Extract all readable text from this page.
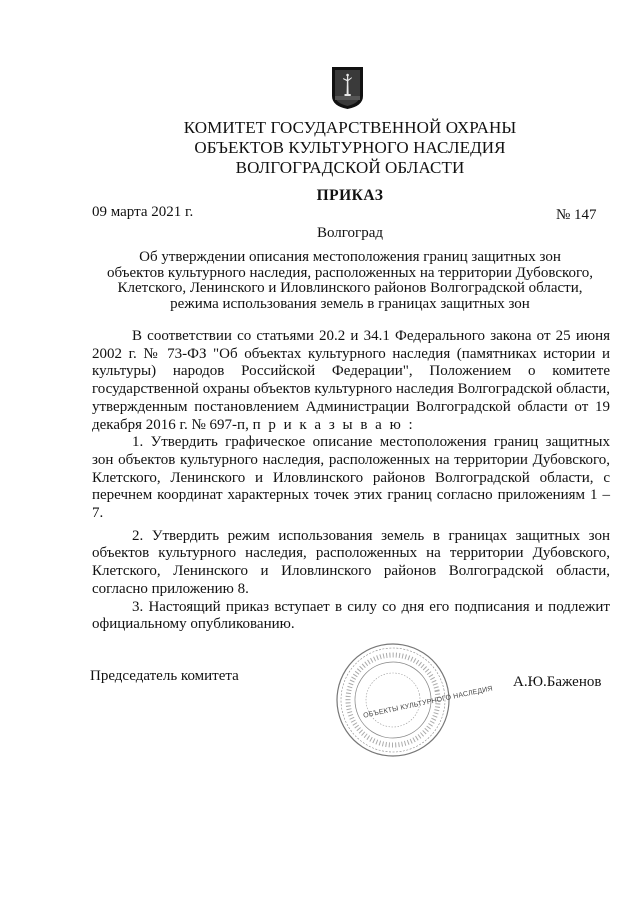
КОМИТЕТ ГОСУДАРСТВЕННОЙ ОХРАНЫ
ОБЪЕКТОВ КУЛЬТУРНОГО НАСЛЕДИЯ
ВОЛГОГРАДСКОЙ ОБЛАСТИ
ПРИКАЗ
09 марта 2021 г.	№ 147
Волгоград
Об утверждении описания местоположения границ защитных зон
объектов культурного наследия, расположенных на территории Дубовского,
Клетского, Ленинского и Иловлинского районов Волгоградской области,
режима использования земель в границах защитных зон

В соответствии со статьями 20.2 и 34.1 Федерального закона от 25 июня 2002 г. № 73-ФЗ "Об объектах культурного наследия (памятниках истории и культуры) народов Российской Федерации", Положением о комитете государственной охраны объектов культурного наследия Волгоградской области, утвержденным постановлением Администрации Волгоградской области от 19 декабря 2016 г. № 697-п, п р и к а з ы в а ю :

1. Утвердить графическое описание местоположения границ защитных зон объектов культурного наследия, расположенных на территории Дубовского, Клетского, Ленинского и Иловлинского районов Волгоградской области, с перечнем координат характерных точек этих границ согласно приложениям 1 – 7.

2. Утвердить режим использования земель в границах защитных зон объектов культурного наследия, расположенных на территории Дубовского, Клетского, Ленинского и Иловлинского районов Волгоградской области, согласно приложению 8.

3. Настоящий приказ вступает в силу со дня его подписания и подлежит официальному опубликованию.

Председатель комитета
ОБЪЕКТЫ КУЛЬТУРНОГО НАСЛЕДИЯ
А.Ю.Баженов
